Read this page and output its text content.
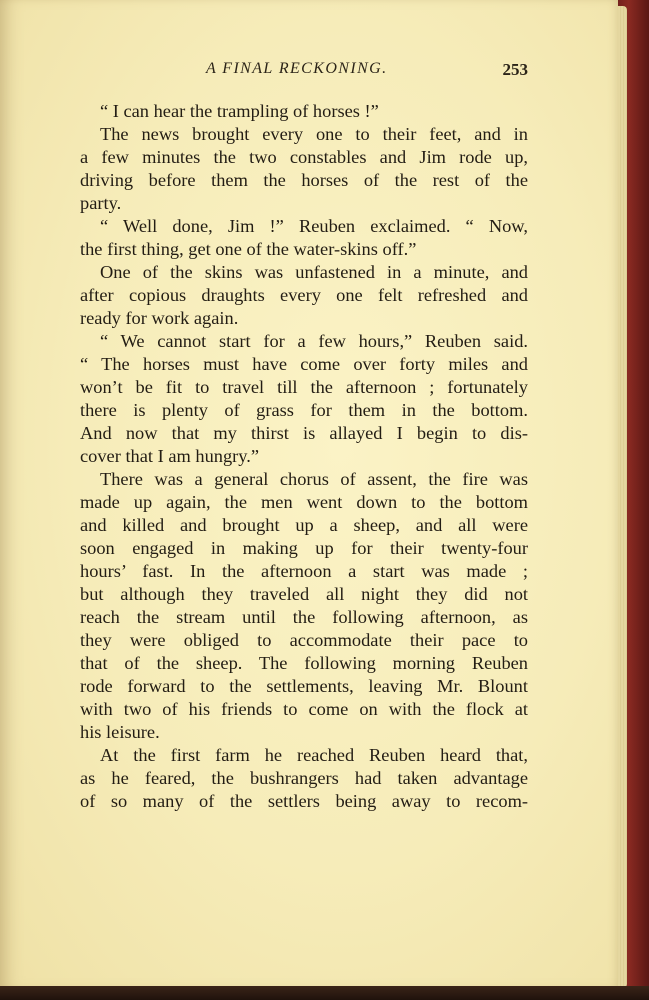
A FINAL RECKONING.	253
“ I can hear the trampling of horses !”
The news brought every one to their feet, and in
a few minutes the two constables and Jim rode up,
driving before them the horses of the rest of the
party.
“ Well done, Jim !” Reuben exclaimed. “ Now,
the first thing, get one of the water-skins off.”
One of the skins was unfastened in a minute, and
after copious draughts every one felt refreshed and
ready for work again.
“ We cannot start for a few hours,” Reuben said.
“ The horses must have come over forty miles and
won’t be fit to travel till the afternoon ; fortunately
there is plenty of grass for them in the bottom.
And now that my thirst is allayed I begin to dis-
cover that I am hungry.”
There was a general chorus of assent, the fire was
made up again, the men went down to the bottom
and killed and brought up a sheep, and all were
soon engaged in making up for their twenty-four
hours’ fast. In the afternoon a start was made ;
but although they traveled all night they did not
reach the stream until the following afternoon, as
they were obliged to accommodate their pace to
that of the sheep. The following morning Reuben
rode forward to the settlements, leaving Mr. Blount
with two of his friends to come on with the flock at
his leisure.
At the first farm he reached Reuben heard that,
as he feared, the bushrangers had taken advantage
of so many of the settlers being away to recom-
